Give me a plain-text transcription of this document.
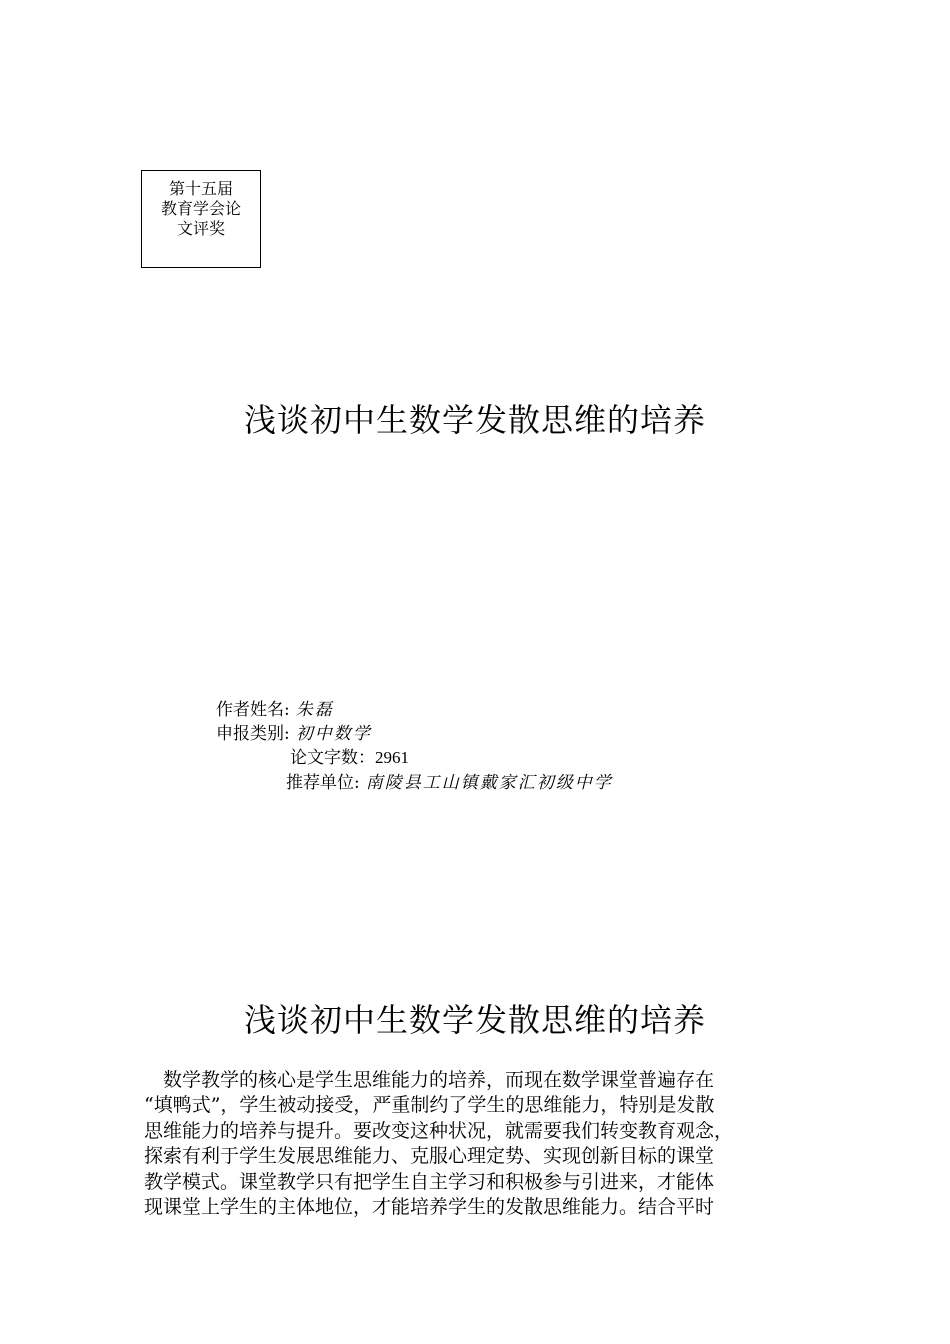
第十五届
教育学会论
文评奖
浅谈初中生数学发散思维的培养
作者姓名: 朱磊
申报类别: 初中数学
论文字数：2961
推荐单位: 南陵县工山镇戴家汇初级中学
浅谈初中生数学发散思维的培养

　数学教学的核心是学生思维能力的培养，而现在数学课堂普遍存在
“填鸭式”，学生被动接受，严重制约了学生的思维能力，特别是发散
思维能力的培养与提升。要改变这种状况，就需要我们转变教育观念，
探索有利于学生发展思维能力、克服心理定势、实现创新目标的课堂
教学模式。课堂教学只有把学生自主学习和积极参与引进来，才能体
现课堂上学生的主体地位，才能培养学生的发散思维能力。结合平时
